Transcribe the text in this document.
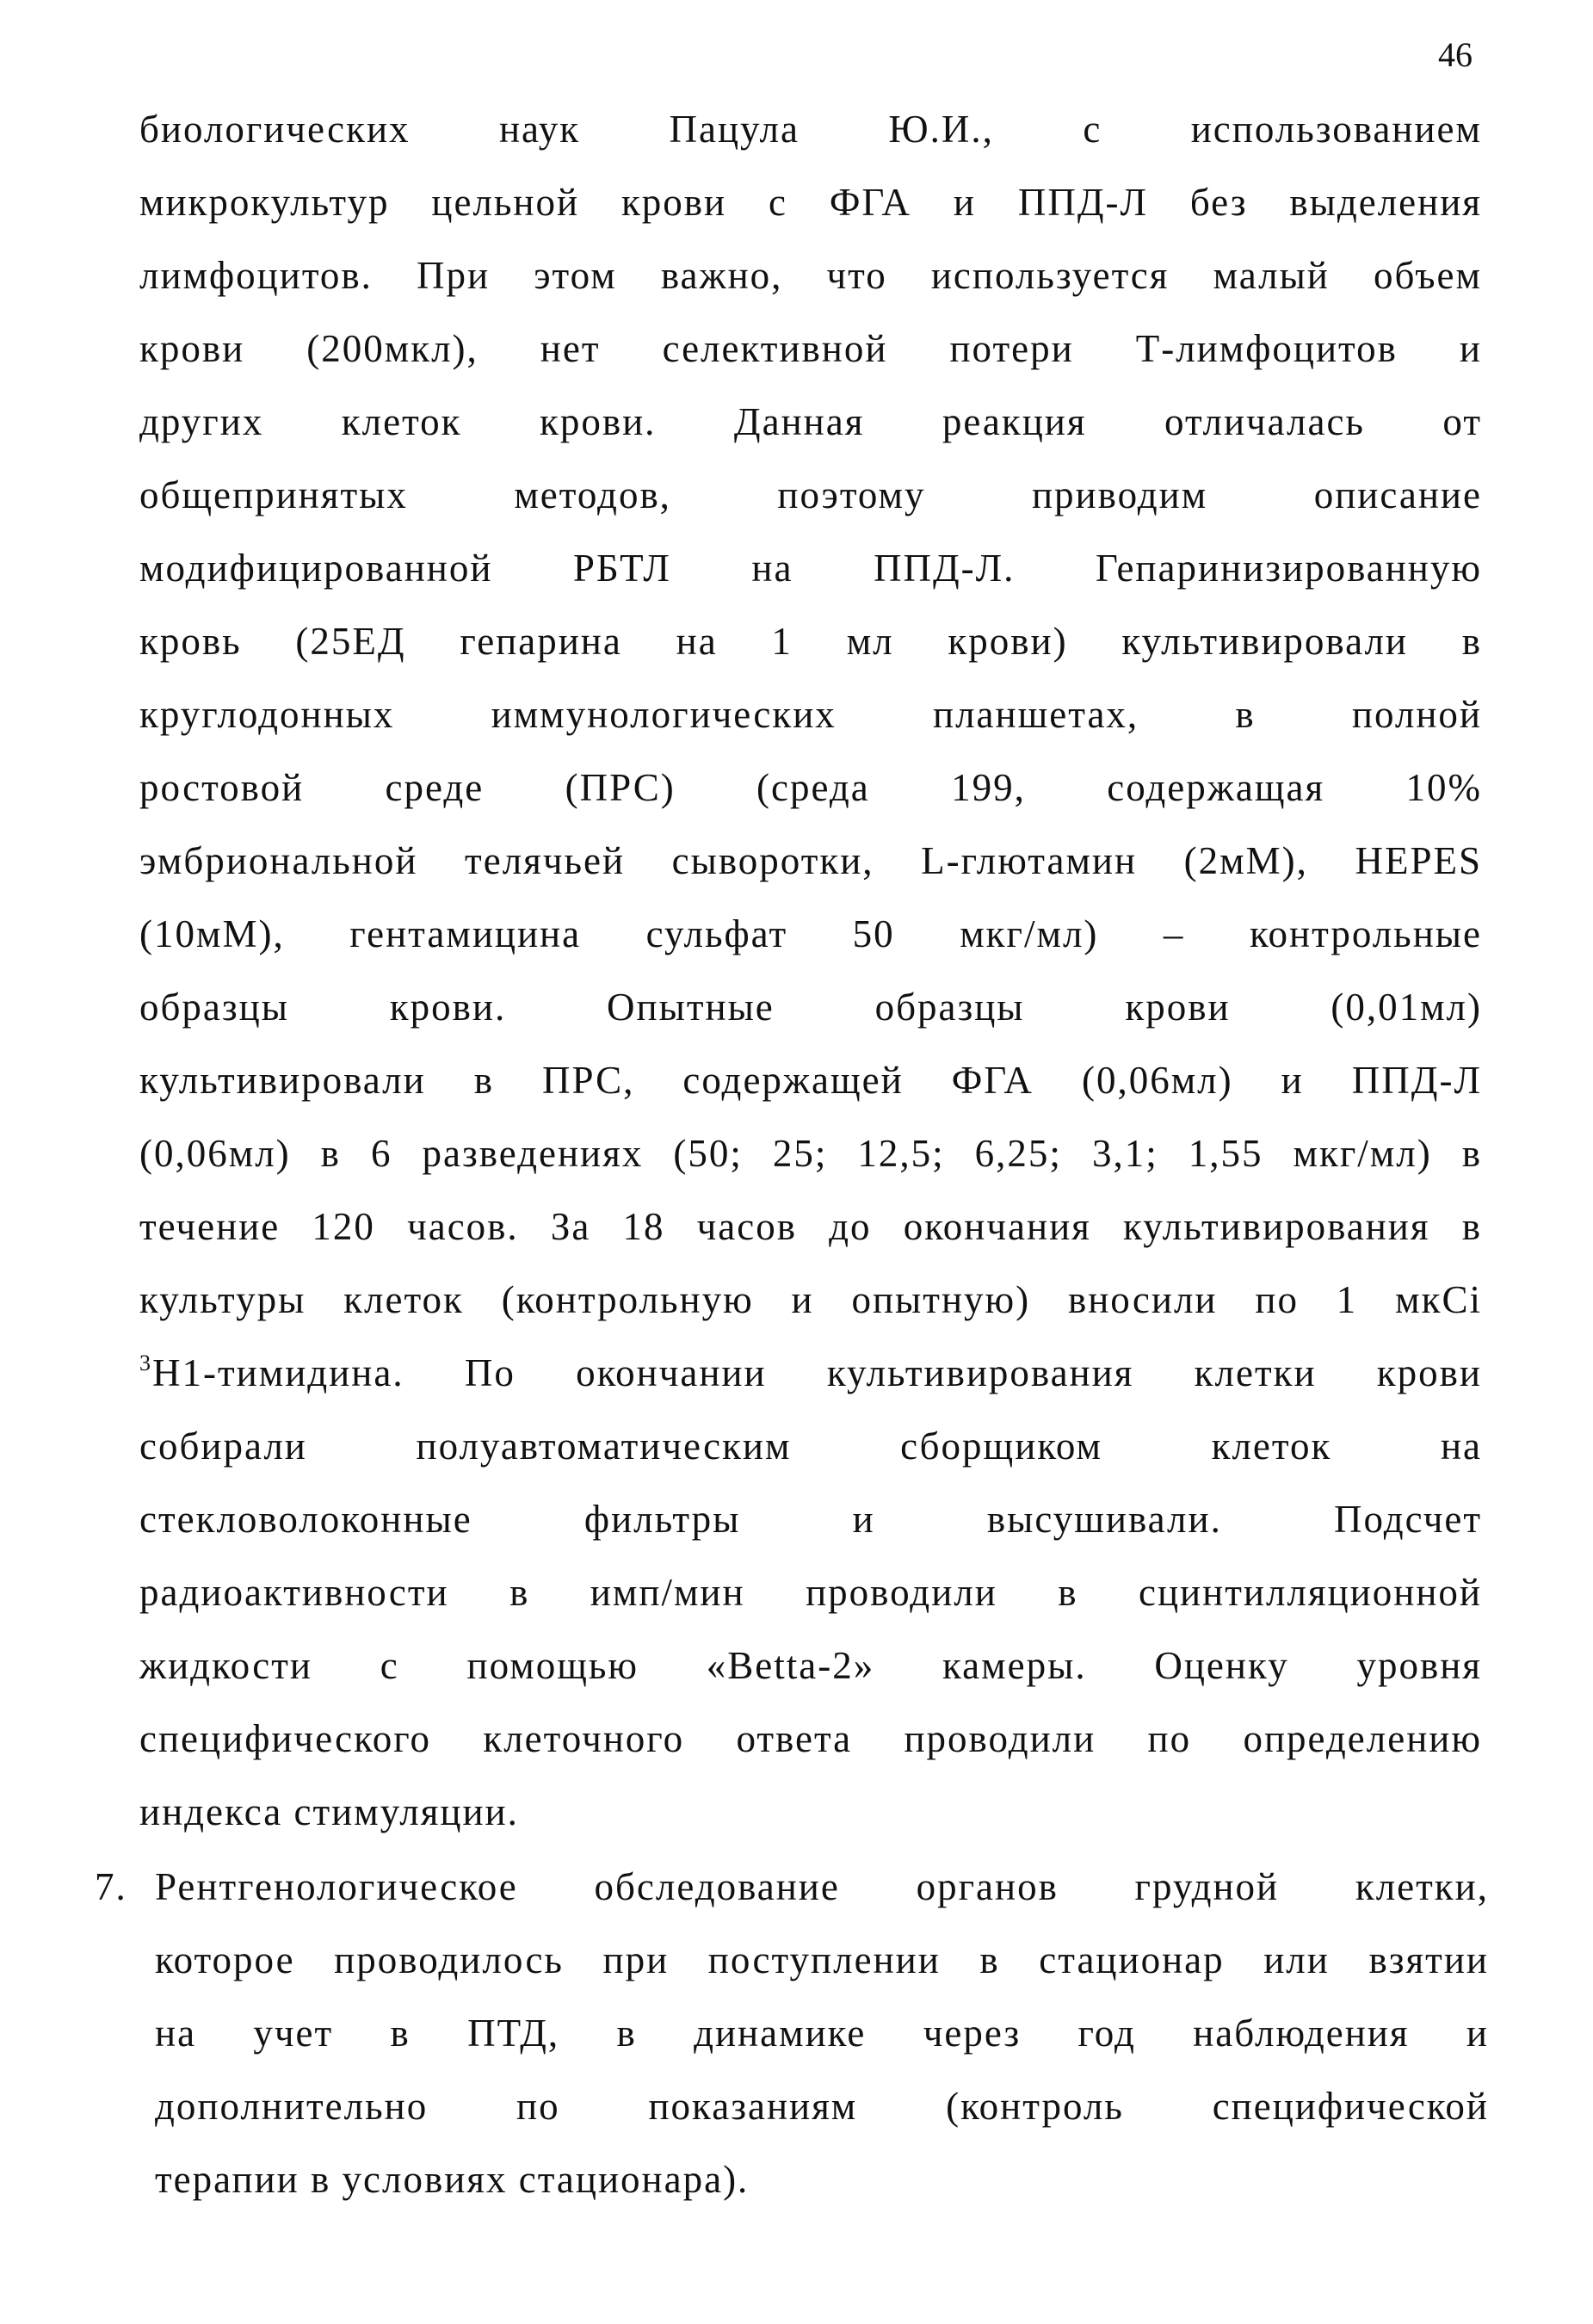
46
биологических наук Пацула Ю.И., с использованием
микрокультур цельной крови с ФГА и ППД-Л без выделения
лимфоцитов. При этом важно, что используется малый объем
крови (200мкл), нет селективной потери Т-лимфоцитов и
других клеток крови. Данная реакция отличалась от
общепринятых методов, поэтому приводим описание
модифицированной РБТЛ на ППД-Л. Гепаринизированную
кровь (25ЕД гепарина на 1 мл крови) культивировали в
круглодонных иммунологических планшетах, в полной
ростовой среде (ПРС) (среда 199, содержащая 10%
эмбриональной телячьей сыворотки, L-глютамин (2мМ), HEPES
(10мМ), гентамицина сульфат 50 мкг/мл) – контрольные
образцы крови. Опытные образцы крови (0,01мл)
культивировали в ПРС, содержащей ФГА (0,06мл) и ППД-Л
(0,06мл) в 6 разведениях (50; 25; 12,5; 6,25; 3,1; 1,55 мкг/мл) в
течение 120 часов. За 18 часов до окончания культивирования в
культуры клеток (контрольную и опытную) вносили по 1 мкСi
$^3$Н1-тимидина. По окончании культивирования клетки крови
собирали полуавтоматическим сборщиком клеток на
стекловолоконные фильтры и высушивали. Подсчет
радиоактивности в имп/мин проводили в сцинтилляционной
жидкости с помощью «Betta-2» камеры. Оценку уровня
специфического клеточного ответа проводили по определению
индекса стимуляции.
7. Рентгенологическое обследование органов грудной клетки,
которое проводилось при поступлении в стационар или взятии
на учет в ПТД, в динамике через год наблюдения и
дополнительно по показаниям (контроль специфической
терапии в условиях стационара).
